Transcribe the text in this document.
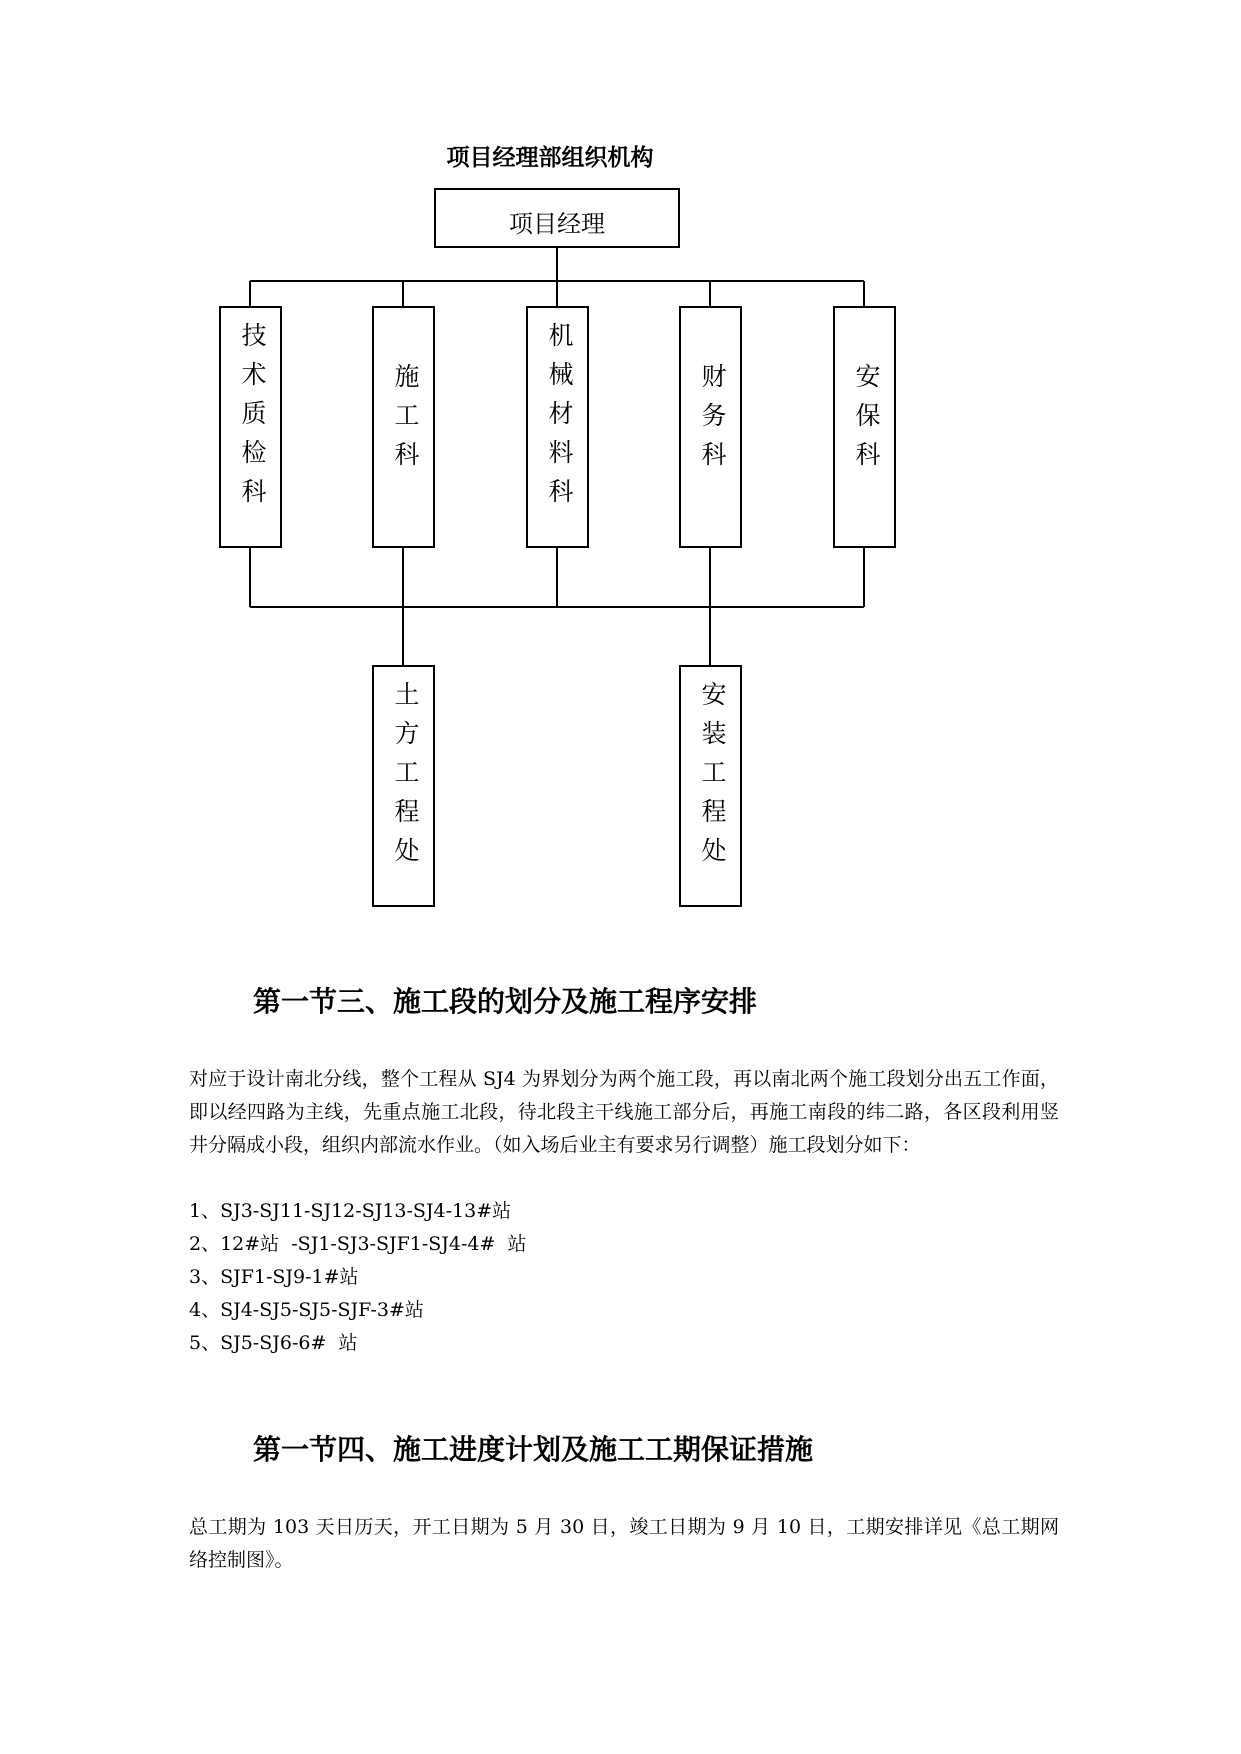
项目经理部组织机构
项目经理
技术质检科	施工科	机械材料科	财务科	安保科
土方工程处	安装工程处
第一节三、施工段的划分及施工程序安排
对应于设计南北分线，整个工程从 SJ4 为界划分为两个施工段，再以南北两个施工段划分出五工作面，即以经四路为主线，先重点施工北段，待北段主干线施工部分后，再施工南段的纬二路，各区段利用竖井分隔成小段，组织内部流水作业。（如入场后业主有要求另行调整）施工段划分如下：
1、SJ3-SJ11-SJ12-SJ13-SJ4-13#站
2、12#站  -SJ1-SJ3-SJF1-SJ4-4#  站
3、SJF1-SJ9-1#站
4、SJ4-SJ5-SJ5-SJF-3#站
5、SJ5-SJ6-6#  站
第一节四、施工进度计划及施工工期保证措施
总工期为 103 天日历天，开工日期为 5 月 30 日，竣工日期为 9 月 10 日，工期安排详见《总工期网络控制图》。
